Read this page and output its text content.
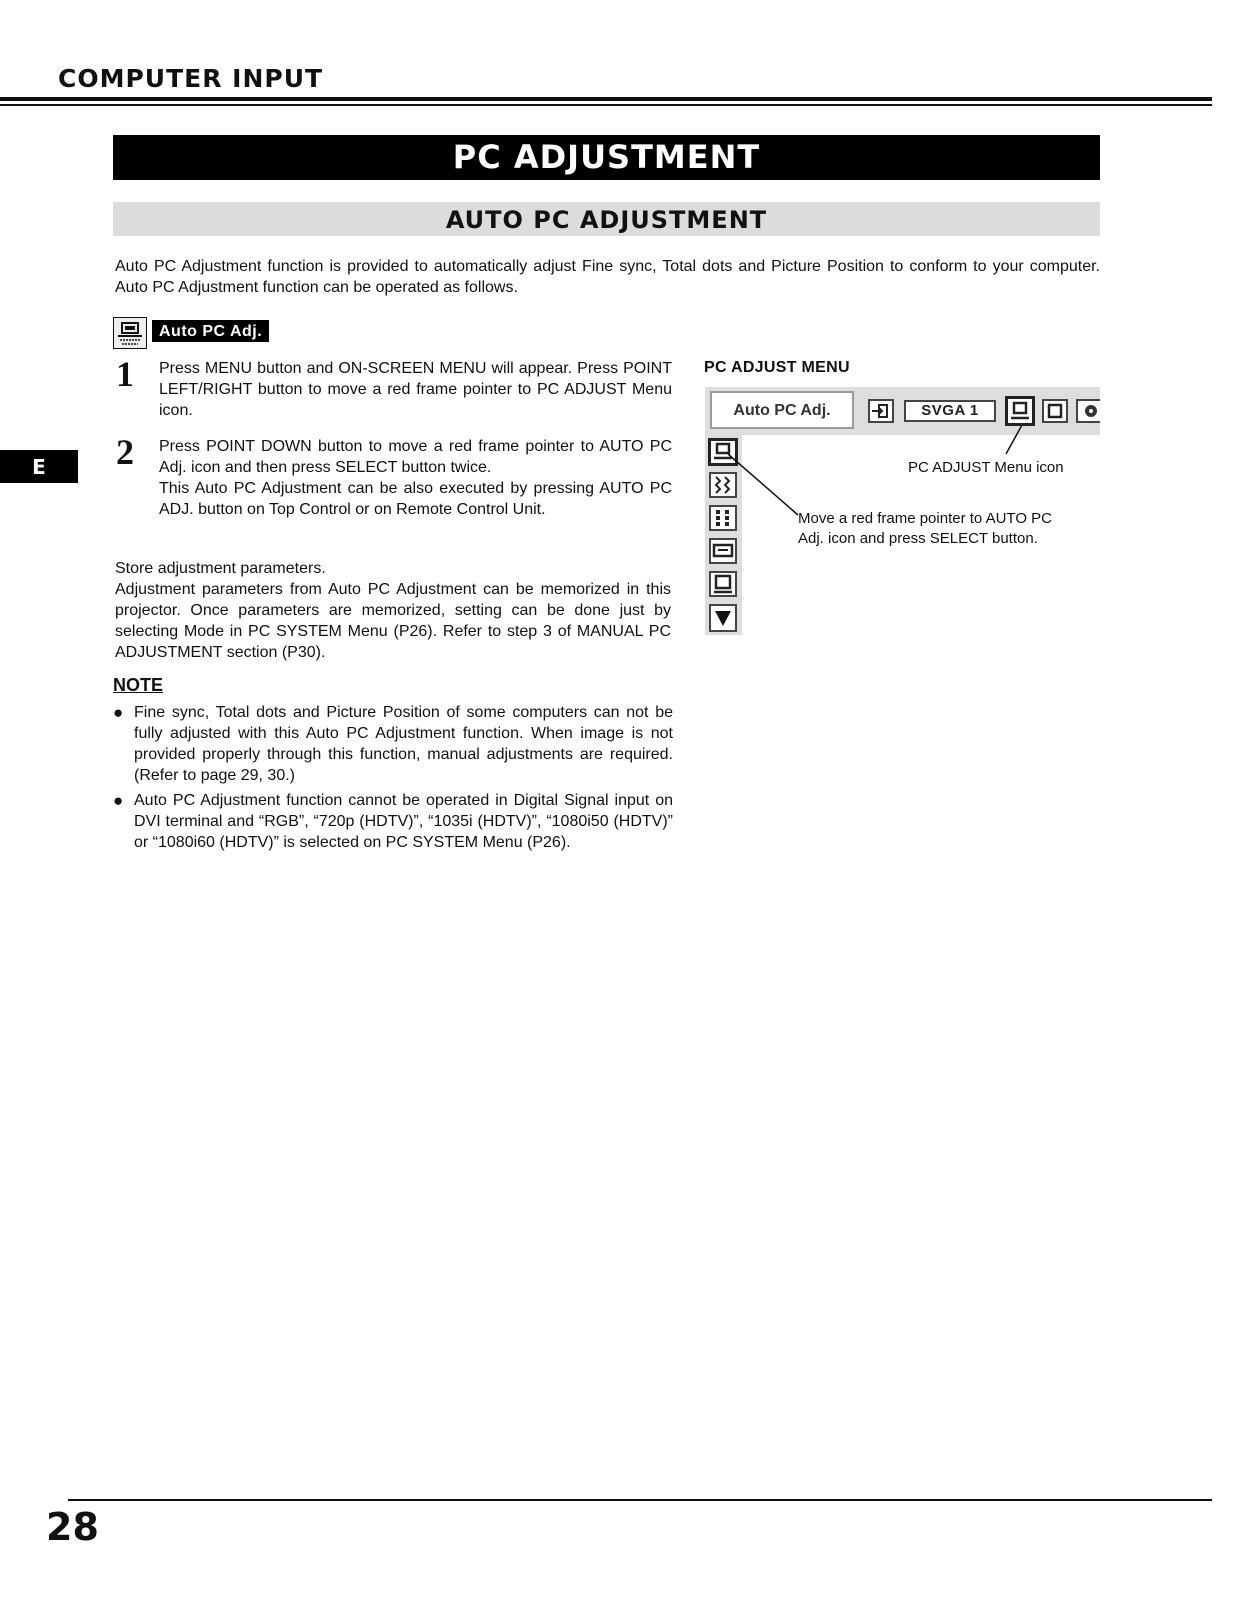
COMPUTER INPUT
PC ADJUSTMENT
AUTO PC ADJUSTMENT
Auto PC Adjustment function is provided to automatically adjust Fine sync, Total dots and Picture Position to conform to your computer. Auto PC Adjustment function can be operated as follows.
Auto PC Adj.
1 Press MENU button and ON-SCREEN MENU will appear. Press POINT LEFT/RIGHT button to move a red frame pointer to PC ADJUST Menu icon.
2 Press POINT DOWN button to move a red frame pointer to AUTO PC Adj. icon and then press SELECT button twice.
This Auto PC Adjustment can be also executed by pressing AUTO PC ADJ. button on Top Control or on Remote Control Unit.
Store adjustment parameters.
Adjustment parameters from Auto PC Adjustment can be memorized in this projector. Once parameters are memorized, setting can be done just by selecting Mode in PC SYSTEM Menu (P26). Refer to step 3 of MANUAL PC ADJUSTMENT section (P30).
NOTE
● Fine sync, Total dots and Picture Position of some computers can not be fully adjusted with this Auto PC Adjustment function. When image is not provided properly through this function, manual adjustments are required. (Refer to page 29, 30.)
● Auto PC Adjustment function cannot be operated in Digital Signal input on DVI terminal and “RGB”, “720p (HDTV)”, “1035i (HDTV)”, “1080i50 (HDTV)” or “1080i60 (HDTV)” is selected on PC SYSTEM Menu (P26).
PC ADJUST MENU
Auto PC Adj.	SVGA 1
PC ADJUST Menu icon
Move a red frame pointer to AUTO PC
Adj. icon and press SELECT button.
E
28
